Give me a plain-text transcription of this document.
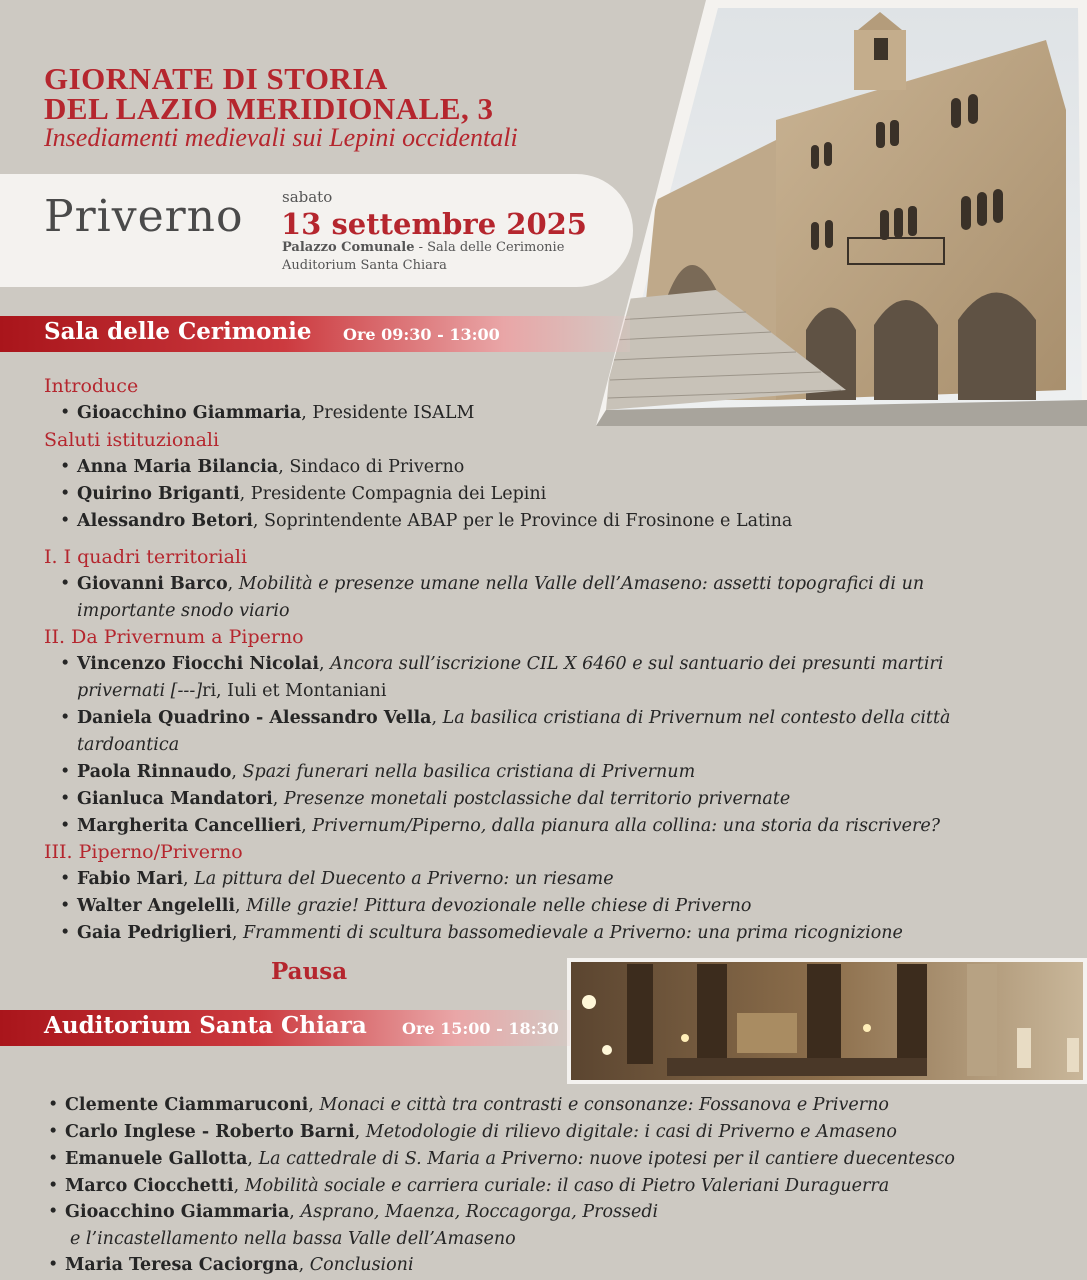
GIORNATE DI STORIA
DEL LAZIO MERIDIONALE, 3
Insediamenti medievali sui Lepini occidentali
Priverno	sabato
13 settembre 2025
Palazzo Comunale - Sala delle Cerimonie
Auditorium Santa Chiara
Sala delle Cerimonie Ore 09:30 - 13:00
Introduce
• Gioacchino Giammaria, Presidente ISALM
Saluti istituzionali
• Anna Maria Bilancia, Sindaco di Priverno
• Quirino Briganti, Presidente Compagnia dei Lepini
• Alessandro Betori, Soprintendente ABAP per le Province di Frosinone e Latina
I. I quadri territoriali
• Giovanni Barco, Mobilità e presenze umane nella Valle dell’Amaseno: assetti topografici di un
importante snodo viario
II. Da Privernum a Piperno
• Vincenzo Fiocchi Nicolai, Ancora sull’iscrizione CIL X 6460 e sul santuario dei presunti martiri
privernati [---]ri, Iuli et Montaniani
• Daniela Quadrino - Alessandro Vella, La basilica cristiana di Privernum nel contesto della città
tardoantica
• Paola Rinnaudo, Spazi funerari nella basilica cristiana di Privernum
• Gianluca Mandatori, Presenze monetali postclassiche dal territorio privernate
• Margherita Cancellieri, Privernum/Piperno, dalla pianura alla collina: una storia da riscrivere?
III. Piperno/Priverno
• Fabio Mari, La pittura del Duecento a Priverno: un riesame
• Walter Angelelli, Mille grazie! Pittura devozionale nelle chiese di Priverno
• Gaia Pedriglieri, Frammenti di scultura bassomedievale a Priverno: una prima ricognizione
Pausa
Auditorium Santa Chiara Ore 15:00 - 18:30
• Clemente Ciammaruconi, Monaci e città tra contrasti e consonanze: Fossanova e Priverno
• Carlo Inglese - Roberto Barni, Metodologie di rilievo digitale: i casi di Priverno e Amaseno
• Emanuele Gallotta, La cattedrale di S. Maria a Priverno: nuove ipotesi per il cantiere duecentesco
• Marco Ciocchetti, Mobilità sociale e carriera curiale: il caso di Pietro Valeriani Duraguerra
• Gioacchino Giammaria, Asprano, Maenza, Roccagorga, Prossedi
e l’incastellamento nella bassa Valle dell’Amaseno
• Maria Teresa Caciorgna, Conclusioni
